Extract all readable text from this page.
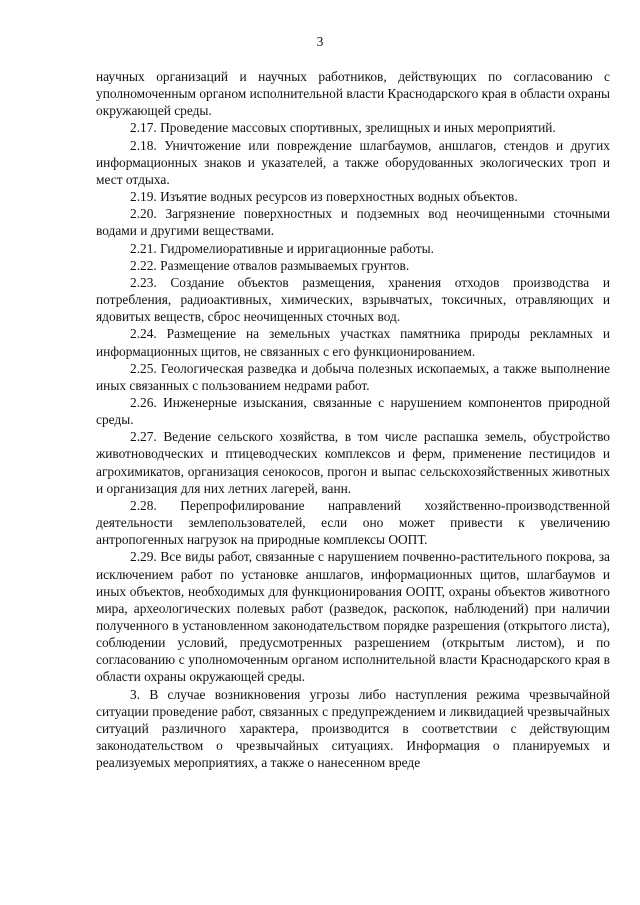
3

научных организаций и научных работников, действующих по согласованию с уполномоченным органом исполнительной власти Краснодарского края в области охраны окружающей среды.

2.17. Проведение массовых спортивных, зрелищных и иных мероприятий.

2.18. Уничтожение или повреждение шлагбаумов, аншлагов, стендов и других информационных знаков и указателей, а также оборудованных экологических троп и мест отдыха.

2.19. Изъятие водных ресурсов из поверхностных водных объектов.

2.20. Загрязнение поверхностных и подземных вод неочищенными сточными водами и другими веществами.

2.21. Гидромелиоративные и ирригационные работы.

2.22. Размещение отвалов размываемых грунтов.

2.23. Создание объектов размещения, хранения отходов производства и потребления, радиоактивных, химических, взрывчатых, токсичных, отравляющих и ядовитых веществ, сброс неочищенных сточных вод.

2.24. Размещение на земельных участках памятника природы рекламных и информационных щитов, не связанных с его функционированием.

2.25. Геологическая разведка и добыча полезных ископаемых, а также выполнение иных связанных с пользованием недрами работ.

2.26. Инженерные изыскания, связанные с нарушением компонентов природной среды.

2.27. Ведение сельского хозяйства, в том числе распашка земель, обустройство животноводческих и птицеводческих комплексов и ферм, применение пестицидов и агрохимикатов, организация сенокосов, прогон и выпас сельскохозяйственных животных и организация для них летних лагерей, ванн.

2.28. Перепрофилирование направлений хозяйственно-производственной деятельности землепользователей, если оно может привести к увеличению антропогенных нагрузок на природные комплексы ООПТ.

2.29. Все виды работ, связанные с нарушением почвенно-растительного покрова, за исключением работ по установке аншлагов, информационных щитов, шлагбаумов и иных объектов, необходимых для функционирования ООПТ, охраны объектов животного мира, археологических полевых работ (разведок, раскопок, наблюдений) при наличии полученного в установленном законодательством порядке разрешения (открытого листа), соблюдении условий, предусмотренных разрешением (открытым листом), и по согласованию с уполномоченным органом исполнительной власти Краснодарского края в области охраны окружающей среды.

3. В случае возникновения угрозы либо наступления режима чрезвычайной ситуации проведение работ, связанных с предупреждением и ликвидацией чрезвычайных ситуаций различного характера, производится в соответствии с действующим законодательством о чрезвычайных ситуациях. Информация о планируемых и реализуемых мероприятиях, а также о нанесенном вреде
